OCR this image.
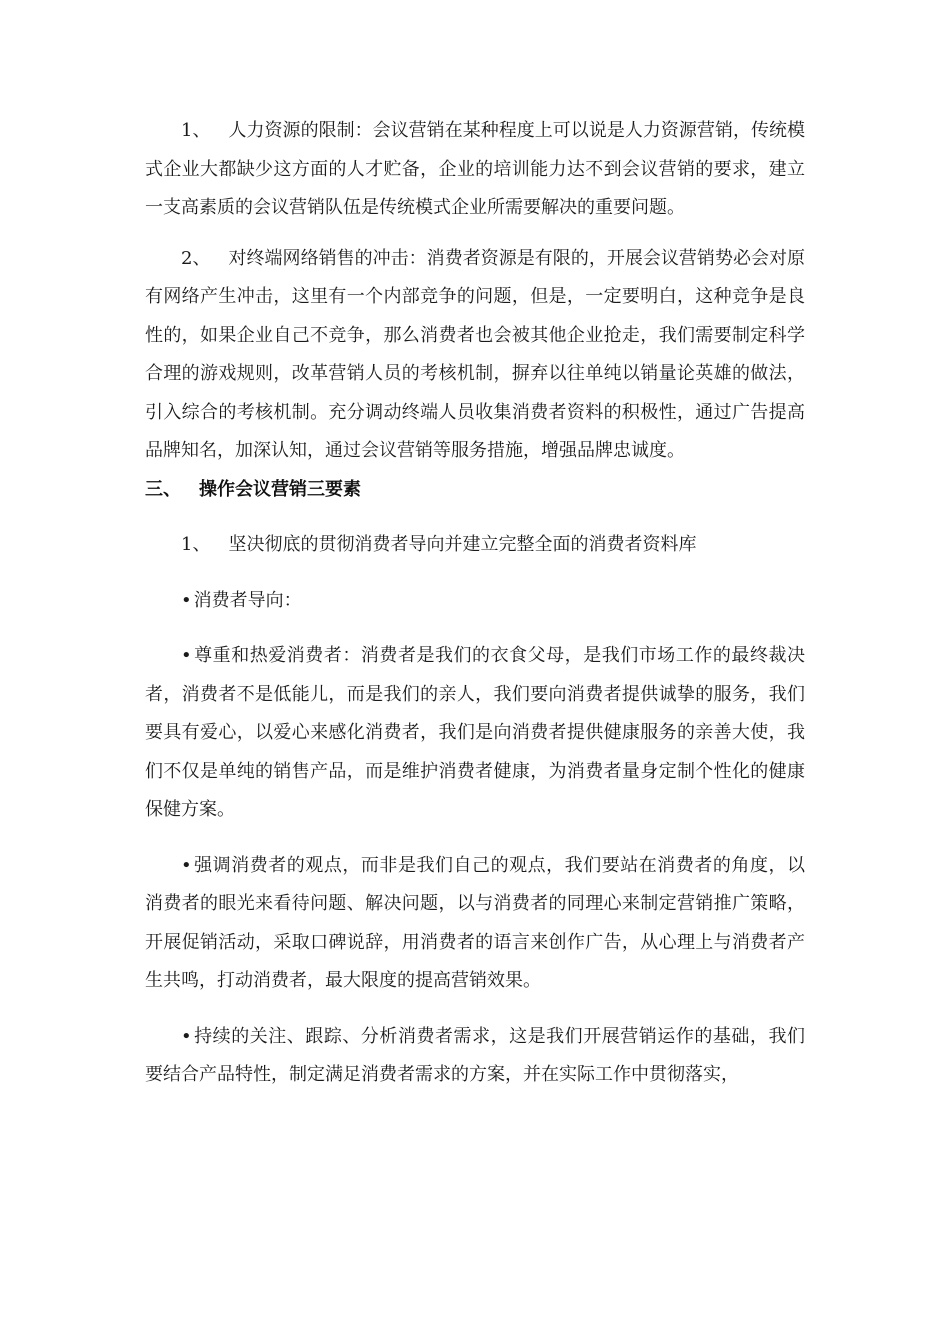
1、 人力资源的限制：会议营销在某种程度上可以说是人力资源营销，传统模式企业大都缺少这方面的人才贮备，企业的培训能力达不到会议营销的要求，建立一支高素质的会议营销队伍是传统模式企业所需要解决的重要问题。

2、 对终端网络销售的冲击：消费者资源是有限的，开展会议营销势必会对原有网络产生冲击，这里有一个内部竞争的问题，但是，一定要明白，这种竞争是良性的，如果企业自己不竞争，那么消费者也会被其他企业抢走，我们需要制定科学合理的游戏规则，改革营销人员的考核机制，摒弃以往单纯以销量论英雄的做法，引入综合的考核机制。充分调动终端人员收集消费者资料的积极性，通过广告提高品牌知名，加深认知，通过会议营销等服务措施，增强品牌忠诚度。

三、 操作会议营销三要素

1、 坚决彻底的贯彻消费者导向并建立完整全面的消费者资料库

• 消费者导向：

• 尊重和热爱消费者：消费者是我们的衣食父母，是我们市场工作的最终裁决者，消费者不是低能儿，而是我们的亲人，我们要向消费者提供诚挚的服务，我们要具有爱心，以爱心来感化消费者，我们是向消费者提供健康服务的亲善大使，我们不仅是单纯的销售产品，而是维护消费者健康，为消费者量身定制个性化的健康保健方案。

• 强调消费者的观点，而非是我们自己的观点，我们要站在消费者的角度，以消费者的眼光来看待问题、解决问题，以与消费者的同理心来制定营销推广策略，开展促销活动，采取口碑说辞，用消费者的语言来创作广告，从心理上与消费者产生共鸣，打动消费者，最大限度的提高营销效果。

• 持续的关注、跟踪、分析消费者需求，这是我们开展营销运作的基础，我们要结合产品特性，制定满足消费者需求的方案，并在实际工作中贯彻落实，
